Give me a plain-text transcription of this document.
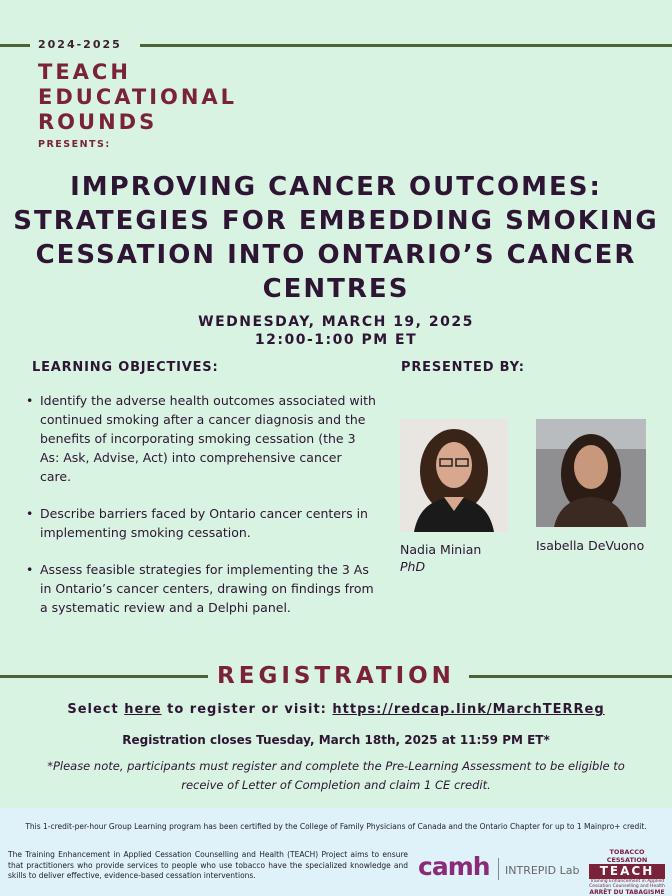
2024-2025
TEACH
EDUCATIONAL
ROUNDS
PRESENTS:
IMPROVING CANCER OUTCOMES:
STRATEGIES FOR EMBEDDING SMOKING
CESSATION INTO ONTARIO’S CANCER
CENTRES
WEDNESDAY, MARCH 19, 2025
12:00-1:00 PM ET
LEARNING OBJECTIVES:	PRESENTED BY:
• Identify the adverse health outcomes associated with continued smoking after a cancer diagnosis and the benefits of incorporating smoking cessation (the 3 As: Ask, Advise, Act) into comprehensive cancer care.
• Describe barriers faced by Ontario cancer centers in implementing smoking cessation.
• Assess feasible strategies for implementing the 3 As in Ontario’s cancer centers, drawing on findings from a systematic review and a Delphi panel.
Nadia Minian
PhD
Isabella DeVuono
REGISTRATION
Select here to register or visit: https://redcap.link/MarchTERReg
Registration closes Tuesday, March 18th, 2025 at 11:59 PM ET*
*Please note, participants must register and complete the Pre-Learning Assessment to be eligible to receive of Letter of Completion and claim 1 CE credit.
This 1-credit-per-hour Group Learning program has been certified by the College of Family Physicians of Canada and the Ontario Chapter for up to 1 Mainpro+ credit.
The Training Enhancement in Applied Cessation Counselling and Health (TEACH) Project aims to ensure that practitioners who provide services to people who use tobacco have the specialized knowledge and skills to deliver effective, evidence-based cessation interventions.	camh INTREPID Lab
TOBACCO CESSATION
TEACH
Training Enhancement in Applied Cessation Counselling and Health
ARRÊT DU TABAGISME
